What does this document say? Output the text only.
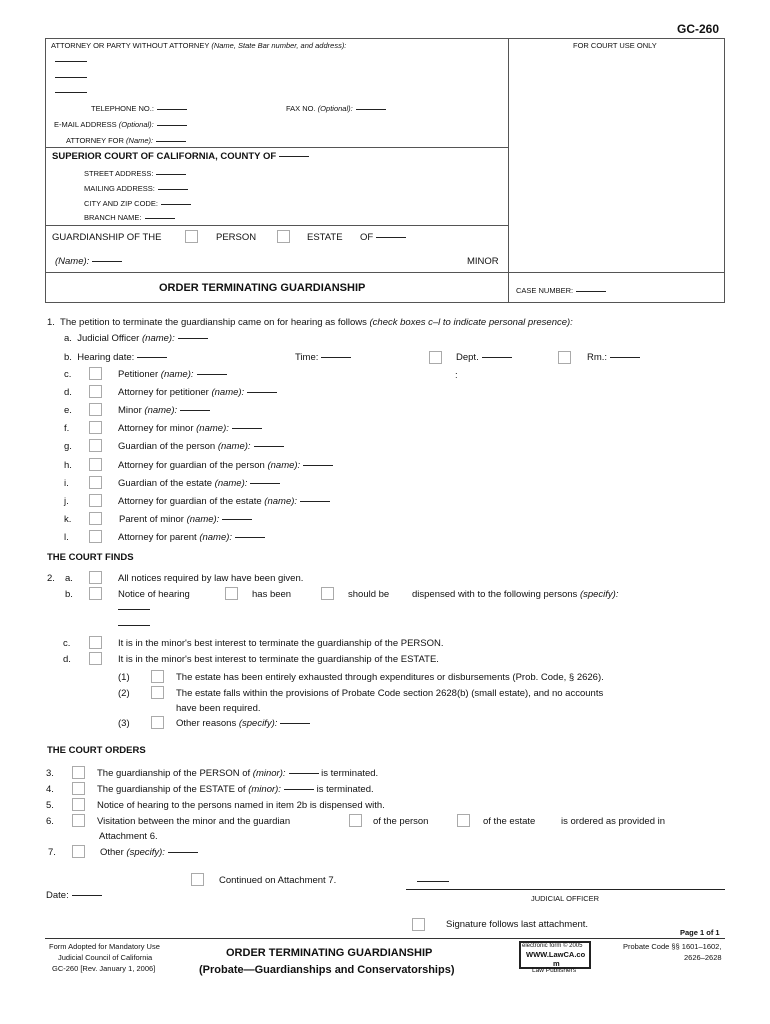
GC-260
ATTORNEY OR PARTY WITHOUT ATTORNEY (Name, State Bar number, and address):	FOR COURT USE ONLY
TELEPHONE NO.:	FAX NO. (Optional):
E-MAIL ADDRESS (Optional):
ATTORNEY FOR (Name):
SUPERIOR COURT OF CALIFORNIA, COUNTY OF
STREET ADDRESS:
MAILING ADDRESS:
CITY AND ZIP CODE:
BRANCH NAME:
GUARDIANSHIP OF THE	PERSON	ESTATE OF
(Name):	MINOR
ORDER TERMINATING GUARDIANSHIP	CASE NUMBER:
1. The petition to terminate the guardianship came on for hearing as follows (check boxes c–l to indicate personal presence):
a. Judicial Officer (name):
b. Hearing date:	Time:	Dept.	Rm.:
:
c.	Petitioner (name):
d.	Attorney for petitioner (name):
e.	Minor (name):
f.	Attorney for minor (name):
g.	Guardian of the person (name):
h.	Attorney for guardian of the person (name):
i.	Guardian of the estate (name):
j.	Attorney for guardian of the estate (name):
k.	Parent of minor (name):
l.	Attorney for parent (name):
THE COURT FINDS
2. a.	All notices required by law have been given.
b.	Notice of hearing	has been	should be dispensed with to the following persons (specify):
c.	It is in the minor's best interest to terminate the guardianship of the PERSON.
d.	It is in the minor's best interest to terminate the guardianship of the ESTATE.
(1)	The estate has been entirely exhausted through expenditures or disbursements (Prob. Code, § 2626).
(2)	The estate falls within the provisions of Probate Code section 2628(b) (small estate), and no accounts
have been required.
(3)	Other reasons (specify):
THE COURT ORDERS
3.	The guardianship of the PERSON of (minor):	is terminated.
4.	The guardianship of the ESTATE of (minor):	is terminated.
5.	Notice of hearing to the persons named in item 2b is dispensed with.
6.	Visitation between the minor and the guardian	of the person	of the estate	is ordered as provided in
Attachment 6.
7.	Other (specify):
Continued on Attachment 7.
Date:	JUDICIAL OFFICER
Signature follows last attachment.
Page 1 of 1
Form Adopted for Mandatory Use
Judicial Council of California
GC-260 [Rev. January 1, 2006]
ORDER TERMINATING GUARDIANSHIP
(Probate—Guardianships and Conservatorships)
electronic form © 2005
WWW.LawCA.co
m
Law Publishers
Probate Code §§ 1601–1602,
2626–2628
